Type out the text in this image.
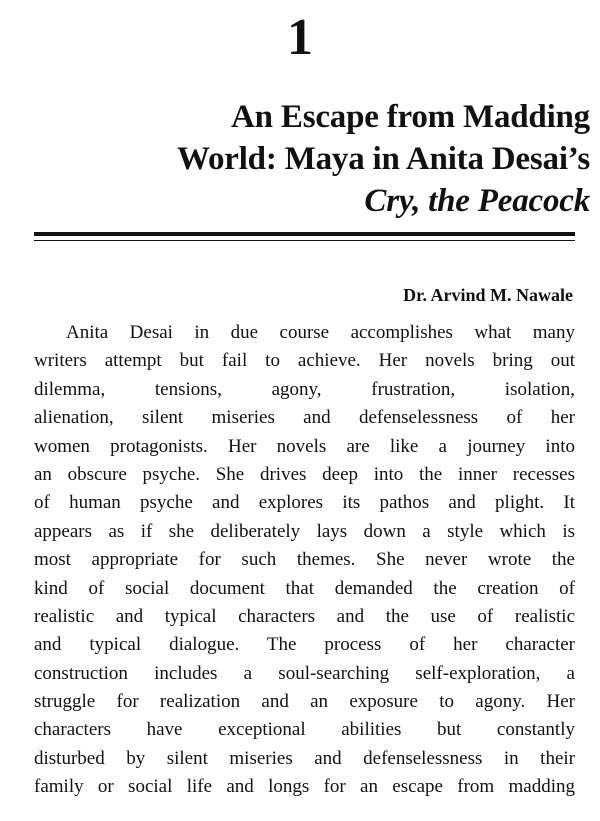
1
An Escape from Madding
World: Maya in Anita Desai’s
Cry, the Peacock
Dr. Arvind M. Nawale
Anita Desai in due course accomplishes what many
writers attempt but fail to achieve. Her novels bring out
dilemma, tensions, agony, frustration, isolation,
alienation, silent miseries and defenselessness of her
women protagonists. Her novels are like a journey into
an obscure psyche. She drives deep into the inner recesses
of human psyche and explores its pathos and plight. It
appears as if she deliberately lays down a style which is
most appropriate for such themes. She never wrote the
kind of social document that demanded the creation of
realistic and typical characters and the use of realistic
and typical dialogue. The process of her character
construction includes a soul-searching self-exploration, a
struggle for realization and an exposure to agony. Her
characters have exceptional abilities but constantly
disturbed by silent miseries and defenselessness in their
family or social life and longs for an escape from madding
